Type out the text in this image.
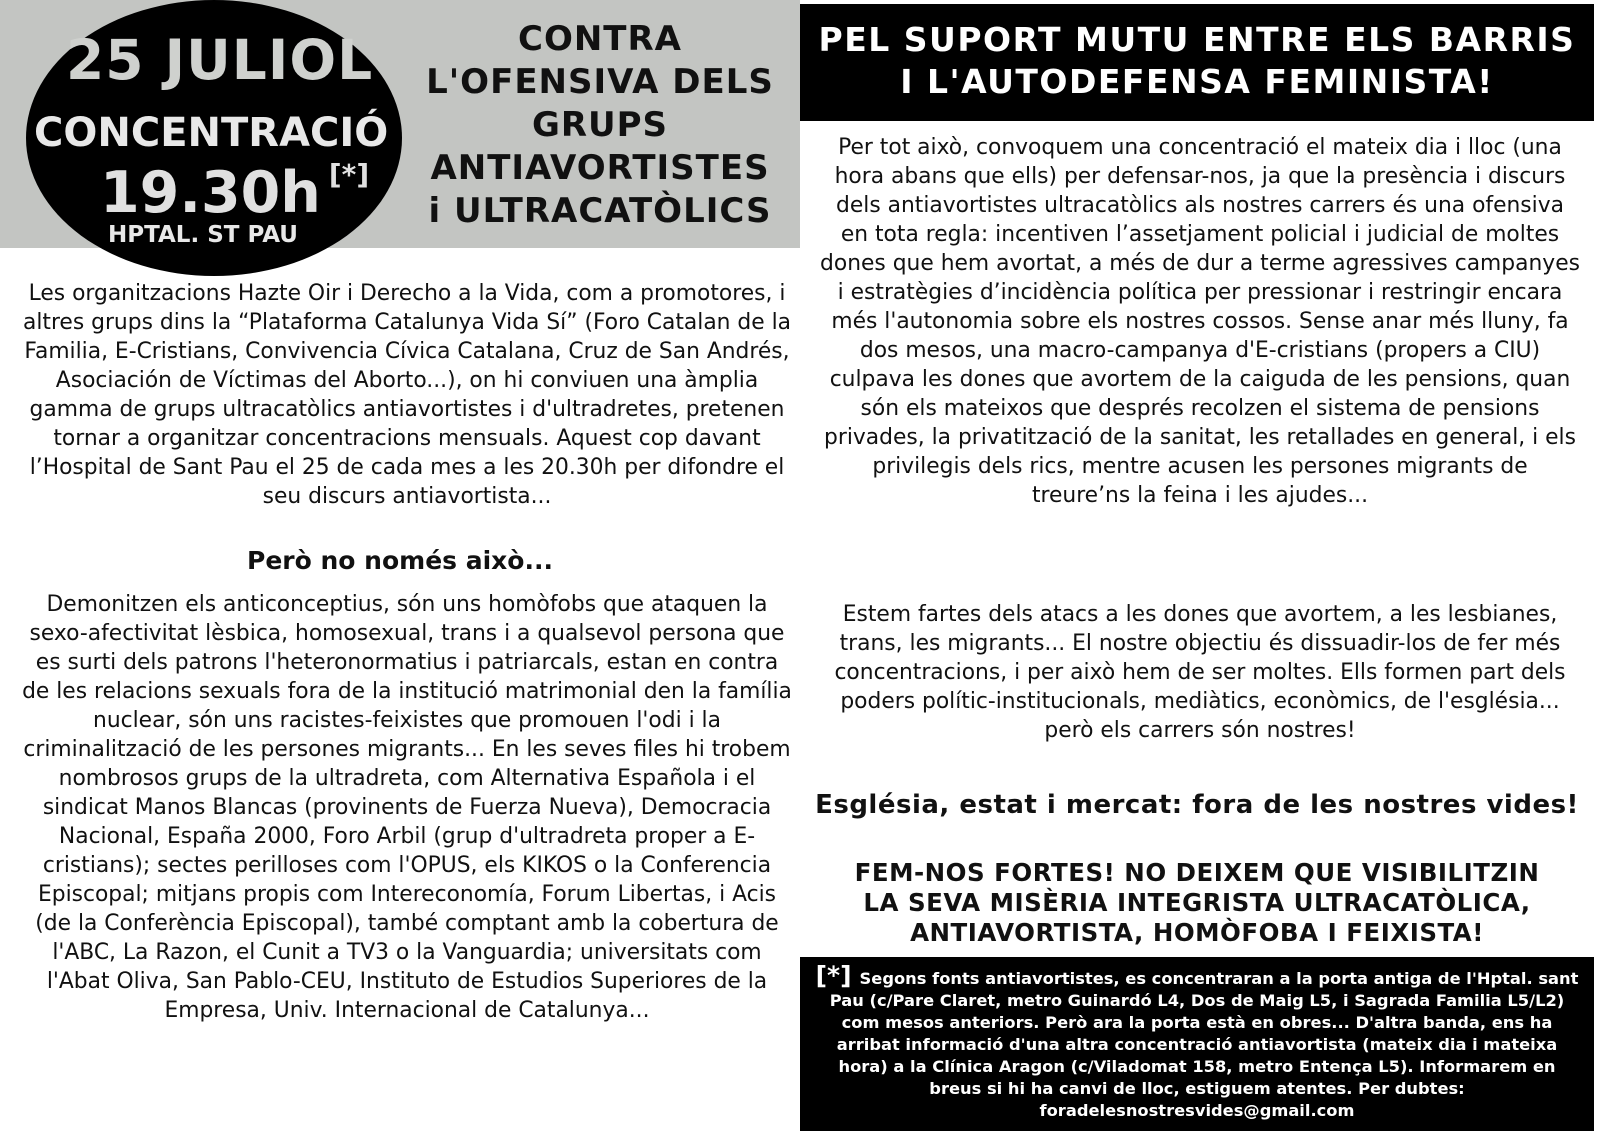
25 JULIOL
CONCENTRACIÓ
19.30h [*]
HPTAL. ST PAU
CONTRA
L'OFENSIVA DELS
GRUPS
ANTIAVORTISTES
i ULTRACATÒLICS
PEL SUPORT MUTU ENTRE ELS BARRIS
I L'AUTODEFENSA FEMINISTA!

Les organitzacions Hazte Oir i Derecho a la Vida, com a promotores, i altres grups dins la “Plataforma Catalunya Vida Sí” (Foro Catalan de la Familia, E-Cristians, Convivencia Cívica Catalana, Cruz de San Andrés, Asociación de Víctimas del Aborto...), on hi conviuen una àmplia gamma de grups ultracatòlics antiavortistes i d'ultradretes, pretenen tornar a organitzar concentracions mensuals. Aquest cop davant l’Hospital de Sant Pau el 25 de cada mes a les 20.30h per difondre el seu discurs antiavortista...

Però no només això...

Demonitzen els anticonceptius, són uns homòfobs que ataquen la sexo-afectivitat lèsbica, homosexual, trans i a qualsevol persona que es surti dels patrons l'heteronormatius i patriarcals, estan en contra de les relacions sexuals fora de la institució matrimonial den la família nuclear, són uns racistes-feixistes que promouen l'odi i la criminalització de les persones migrants... En les seves files hi trobem nombrosos grups de la ultradreta, com Alternativa Española i el sindicat Manos Blancas (provinents de Fuerza Nueva), Democracia Nacional, España 2000, Foro Arbil (grup d'ultradreta proper a E-cristians); sectes perilloses com l'OPUS, els KIKOS o la Conferencia Episcopal; mitjans propis com Intereconomía, Forum Libertas, i Acis (de la Conferència Episcopal), també comptant amb la cobertura de l'ABC, La Razon, el Cunit a TV3 o la Vanguardia; universitats com l'Abat Oliva, San Pablo-CEU, Instituto de Estudios Superiores de la Empresa, Univ. Internacional de Catalunya...

Per tot això, convoquem una concentració el mateix dia i lloc (una hora abans que ells) per defensar-nos, ja que la presència i discurs dels antiavortistes ultracatòlics als nostres carrers és una ofensiva en tota regla: incentiven l’assetjament policial i judicial de moltes dones que hem avortat, a més de dur a terme agressives campanyes i estratègies d’incidència política per pressionar i restringir encara més l'autonomia sobre els nostres cossos. Sense anar més lluny, fa dos mesos, una macro-campanya d'E-cristians (propers a CIU) culpava les dones que avortem de la caiguda de les pensions, quan són els mateixos que després recolzen el sistema de pensions privades, la privatització de la sanitat, les retallades en general, i els privilegis dels rics, mentre acusen les persones migrants de treure’ns la feina i les ajudes...

Estem fartes dels atacs a les dones que avortem, a les lesbianes, trans, les migrants... El nostre objectiu és dissuadir-los de fer més concentracions, i per això hem de ser moltes. Ells formen part dels poders polític-institucionals, mediàtics, econòmics, de l'església... però els carrers són nostres!

Església, estat i mercat: fora de les nostres vides!
FEM-NOS FORTES! NO DEIXEM QUE VISIBILITZIN
LA SEVA MISÈRIA INTEGRISTA ULTRACATÒLICA,
ANTIAVORTISTA, HOMÒFOBA I FEIXISTA!
[*] Segons fonts antiavortistes, es concentraran a la porta antiga de l'Hptal. sant Pau (c/Pare Claret, metro Guinardó L4, Dos de Maig L5, i Sagrada Familia L5/L2) com mesos anteriors. Però ara la porta està en obres... D'altra banda, ens ha arribat informació d'una altra concentració antiavortista (mateix dia i mateixa hora) a la Clínica Aragon (c/Viladomat 158, metro Entença L5). Informarem en breus si hi ha canvi de lloc, estiguem atentes. Per dubtes: foradelesnostresvides@gmail.com
